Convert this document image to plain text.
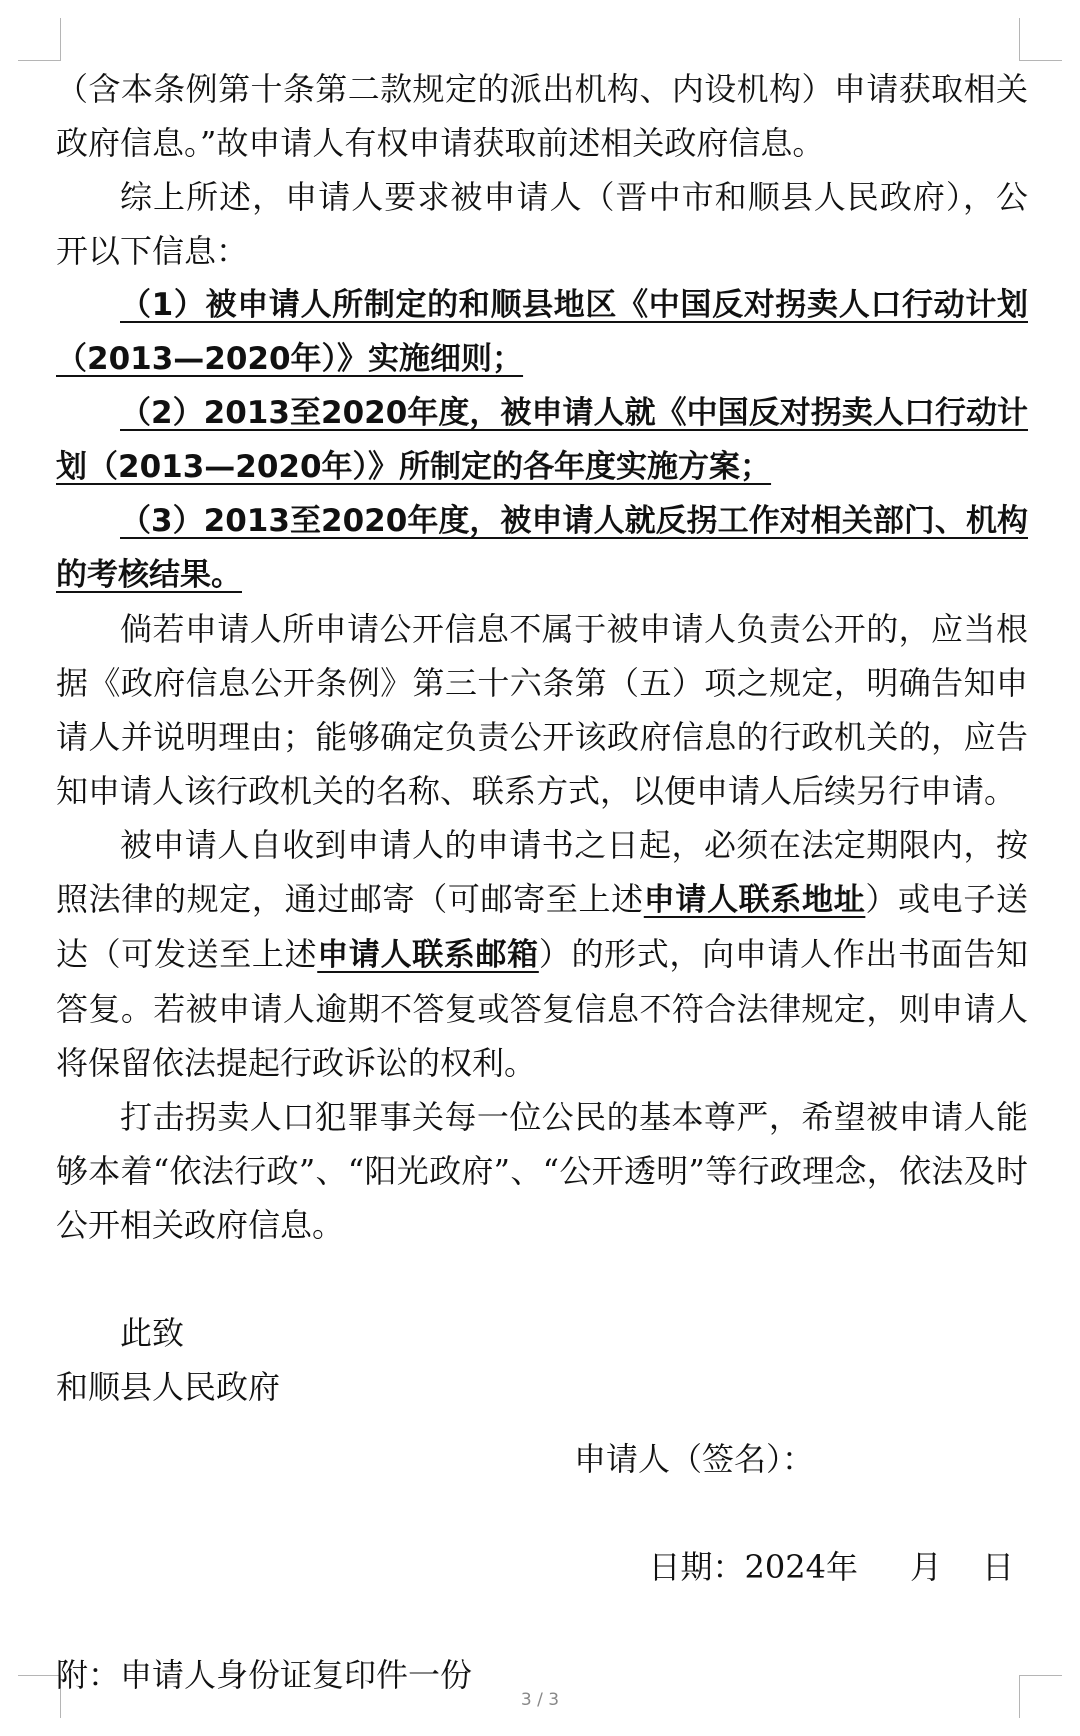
（含本条例第十条第二款规定的派出机构、内设机构）申请获取相关政府信息。”故申请人有权申请获取前述相关政府信息。

综上所述，申请人要求被申请人（晋中市和顺县人民政府），公开以下信息：

（1）被申请人所制定的和顺县地区《中国反对拐卖人口行动计划（2013—2020年）》实施细则；

（2）2013至2020年度，被申请人就《中国反对拐卖人口行动计划（2013—2020年）》所制定的各年度实施方案；

（3）2013至2020年度，被申请人就反拐工作对相关部门、机构的考核结果。

倘若申请人所申请公开信息不属于被申请人负责公开的，应当根据《政府信息公开条例》第三十六条第（五）项之规定，明确告知申请人并说明理由；能够确定负责公开该政府信息的行政机关的，应告知申请人该行政机关的名称、联系方式，以便申请人后续另行申请。

被申请人自收到申请人的申请书之日起，必须在法定期限内，按照法律的规定，通过邮寄（可邮寄至上述申请人联系地址）或电子送达（可发送至上述申请人联系邮箱）的形式，向申请人作出书面告知答复。若被申请人逾期不答复或答复信息不符合法律规定，则申请人将保留依法提起行政诉讼的权利。

打击拐卖人口犯罪事关每一位公民的基本尊严，希望被申请人能够本着“依法行政”、“阳光政府”、“公开透明”等行政理念，依法及时公开相关政府信息。

此致

和顺县人民政府

申请人（签名）：

日期：2024年 月 日

附：申请人身份证复印件一份

3 / 3
